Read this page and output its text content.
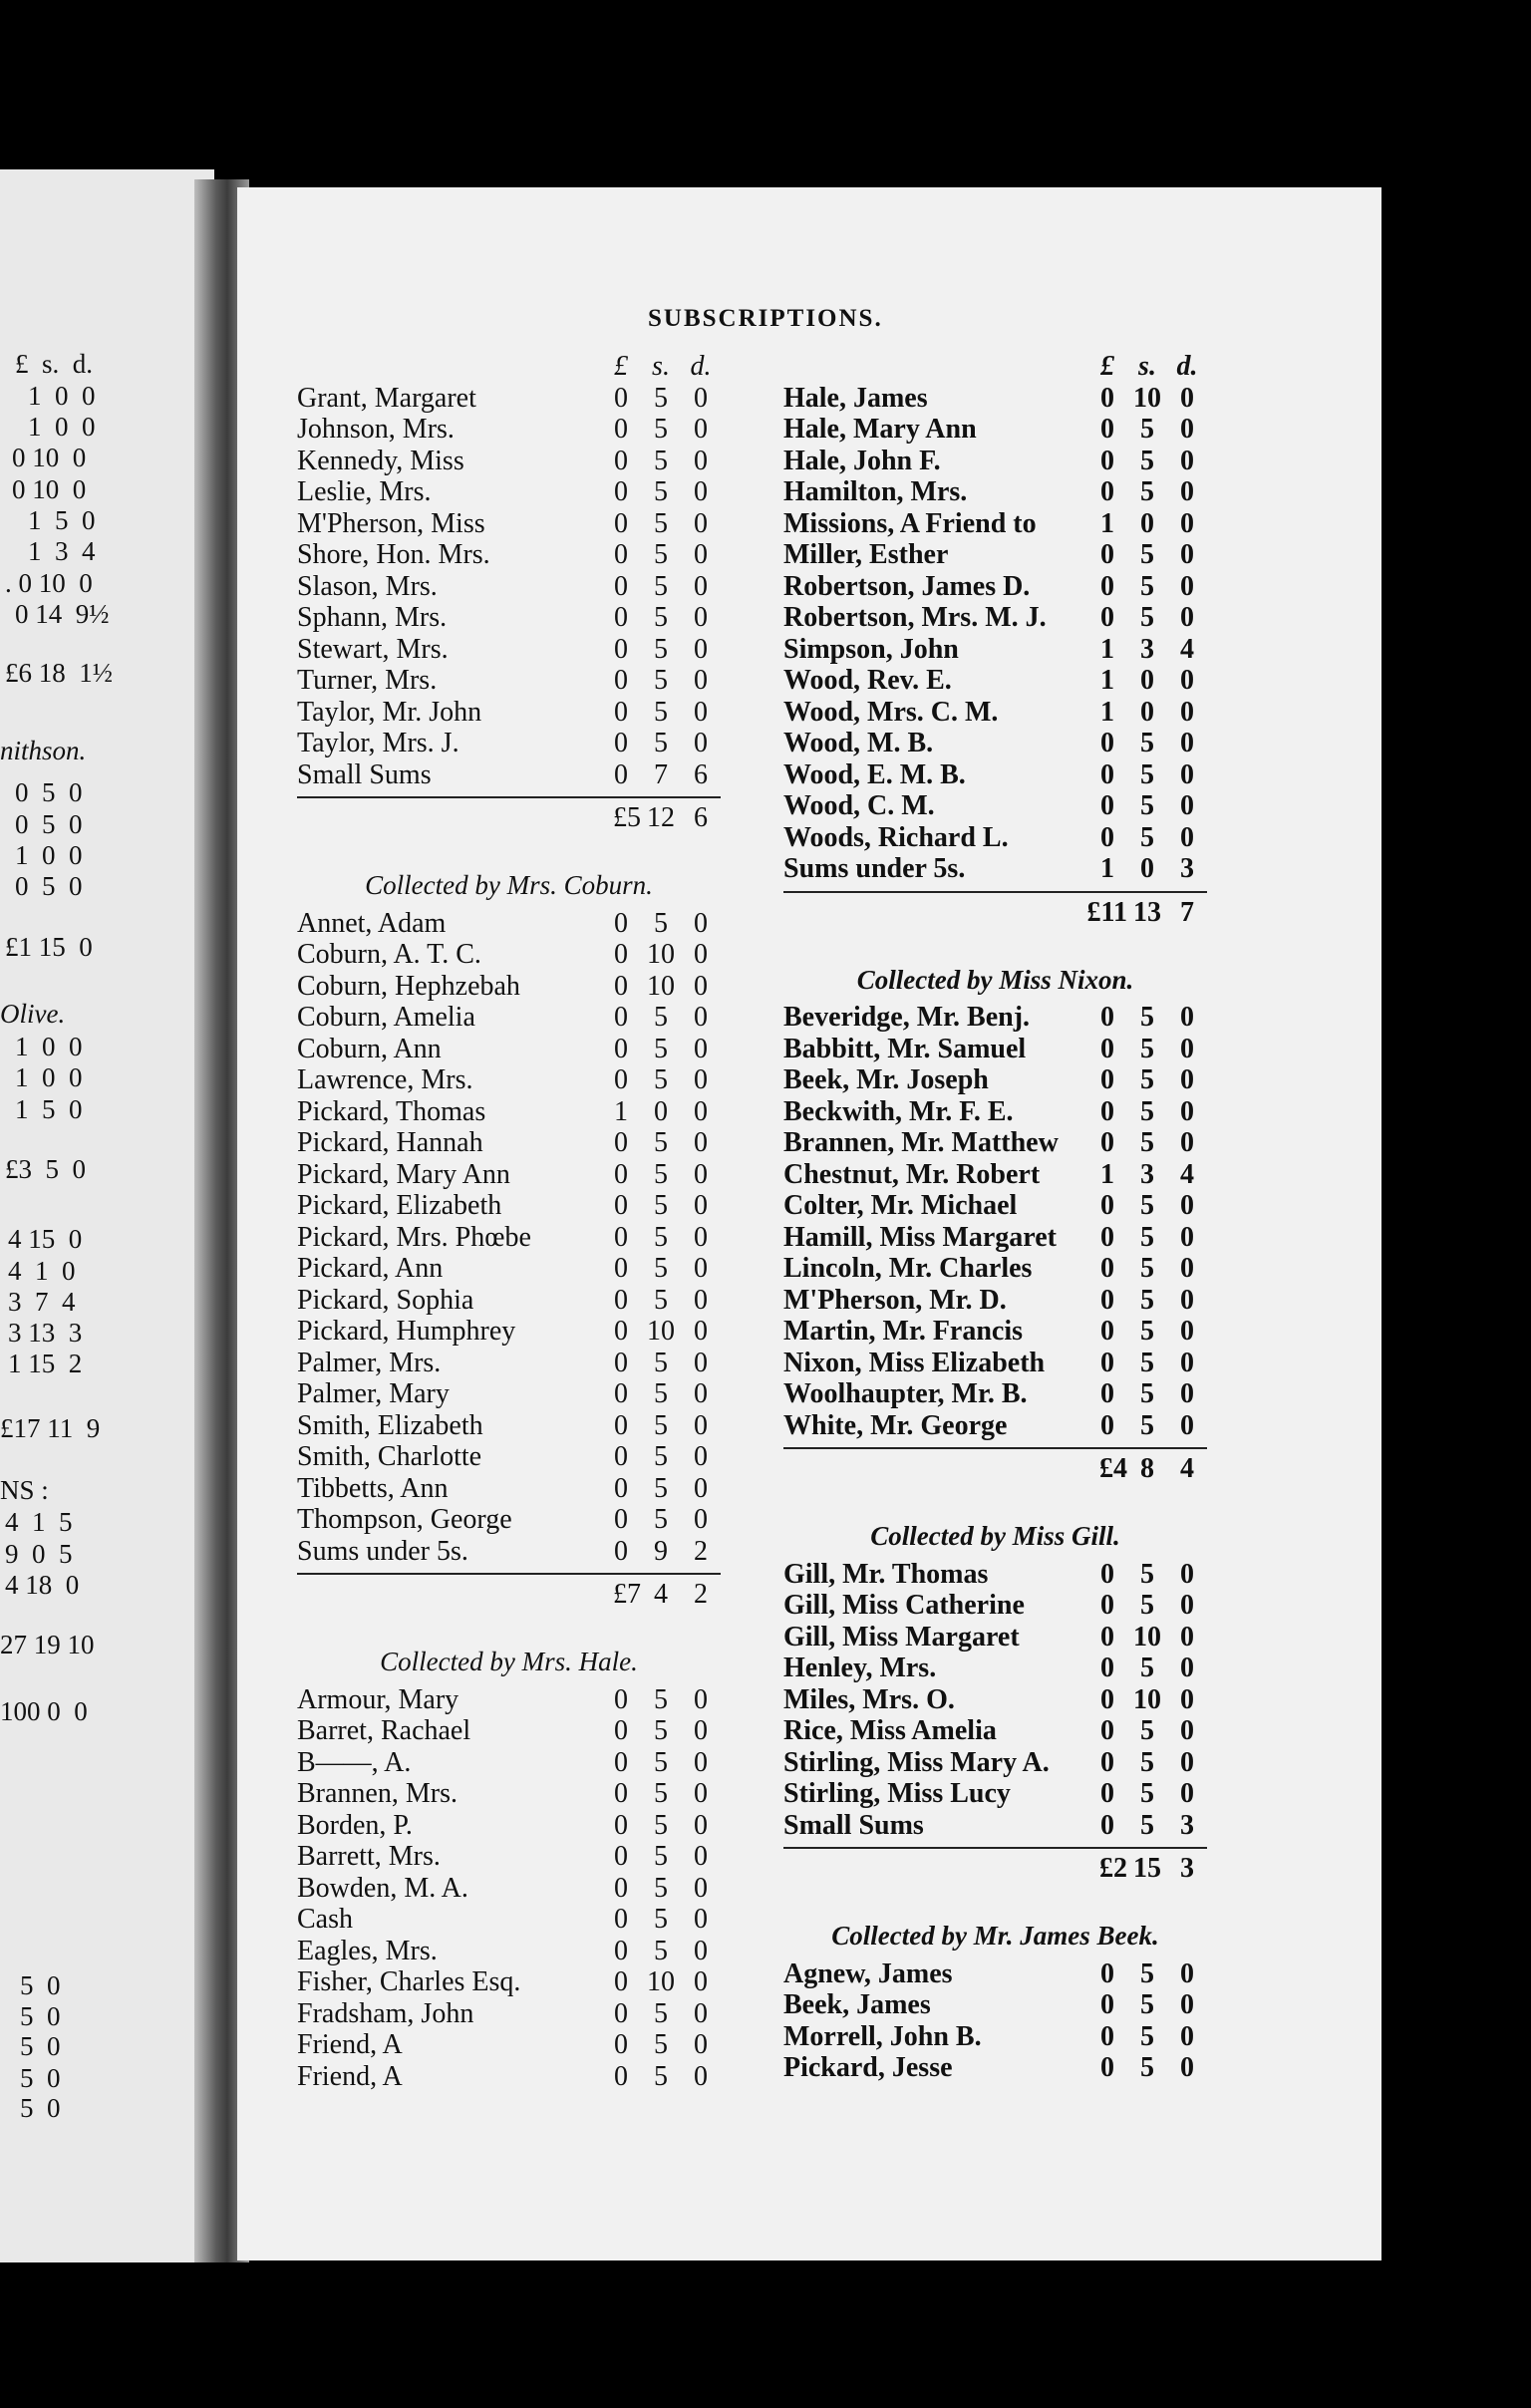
£  s.  d.
1  0  0
1  0  0
0 10  0
0 10  0
1  5  0
1  3  4
. 0 10  0
0 14  9½
£6 18  1½
nithson.
0  5  0
0  5  0
1  0  0
0  5  0
£1 15  0
Olive.
1  0  0
1  0  0
1  5  0
£3  5  0
4 15  0
4  1  0
3  7  4
3 13  3
1 15  2
£17 11  9
NS :
4  1  5
9  0  5
4 18  0
27 19 10
100 0  0
5  0
5  0
5  0
5  0
5  0
SUBSCRIPTIONS.
£ s. d.
Grant, Margaret	0 5 0
Johnson, Mrs.	0 5 0
Kennedy, Miss	0 5 0
Leslie, Mrs.	0 5 0
M'Pherson, Miss	0 5 0
Shore, Hon. Mrs.	0 5 0
Slason, Mrs.	0 5 0
Sphann, Mrs.	0 5 0
Stewart, Mrs.	0 5 0
Turner, Mrs.	0 5 0
Taylor, Mr. John	0 5 0
Taylor, Mrs. J.	0 5 0
Small Sums	0 7 6
£5 12 6
Collected by Mrs. Coburn.
Annet, Adam	0 5 0
Coburn, A. T. C.	0 10 0
Coburn, Hephzebah	0 10 0
Coburn, Amelia	0 5 0
Coburn, Ann	0 5 0
Lawrence, Mrs.	0 5 0
Pickard, Thomas	1 0 0
Pickard, Hannah	0 5 0
Pickard, Mary Ann	0 5 0
Pickard, Elizabeth	0 5 0
Pickard, Mrs. Phœbe	0 5 0
Pickard, Ann	0 5 0
Pickard, Sophia	0 5 0
Pickard, Humphrey	0 10 0
Palmer, Mrs.	0 5 0
Palmer, Mary	0 5 0
Smith, Elizabeth	0 5 0
Smith, Charlotte	0 5 0
Tibbetts, Ann	0 5 0
Thompson, George	0 5 0
Sums under 5s.	0 9 2
£7 4 2
Collected by Mrs. Hale.
Armour, Mary	0 5 0
Barret, Rachael	0 5 0
B——, A.	0 5 0
Brannen, Mrs.	0 5 0
Borden, P.	0 5 0
Barrett, Mrs.	0 5 0
Bowden, M. A.	0 5 0
Cash	0 5 0
Eagles, Mrs.	0 5 0
Fisher, Charles Esq.	0 10 0
Fradsham, John	0 5 0
Friend, A	0 5 0
Friend, A	0 5 0
£ s. d.
Hale, James	0 10 0
Hale, Mary Ann	0 5 0
Hale, John F.	0 5 0
Hamilton, Mrs.	0 5 0
Missions, A Friend to	1 0 0
Miller, Esther	0 5 0
Robertson, James D.	0 5 0
Robertson, Mrs. M. J.	0 5 0
Simpson, John	1 3 4
Wood, Rev. E.	1 0 0
Wood, Mrs. C. M.	1 0 0
Wood, M. B.	0 5 0
Wood, E. M. B.	0 5 0
Wood, C. M.	0 5 0
Woods, Richard L.	0 5 0
Sums under 5s.	1 0 3
£11 13 7
Collected by Miss Nixon.
Beveridge, Mr. Benj.	0 5 0
Babbitt, Mr. Samuel	0 5 0
Beek, Mr. Joseph	0 5 0
Beckwith, Mr. F. E.	0 5 0
Brannen, Mr. Matthew	0 5 0
Chestnut, Mr. Robert	1 3 4
Colter, Mr. Michael	0 5 0
Hamill, Miss Margaret	0 5 0
Lincoln, Mr. Charles	0 5 0
M'Pherson, Mr. D.	0 5 0
Martin, Mr. Francis	0 5 0
Nixon, Miss Elizabeth	0 5 0
Woolhaupter, Mr. B.	0 5 0
White, Mr. George	0 5 0
£4 8 4
Collected by Miss Gill.
Gill, Mr. Thomas	0 5 0
Gill, Miss Catherine	0 5 0
Gill, Miss Margaret	0 10 0
Henley, Mrs.	0 5 0
Miles, Mrs. O.	0 10 0
Rice, Miss Amelia	0 5 0
Stirling, Miss Mary A.	0 5 0
Stirling, Miss Lucy	0 5 0
Small Sums	0 5 3
£2 15 3
Collected by Mr. James Beek.
Agnew, James	0 5 0
Beek, James	0 5 0
Morrell, John B.	0 5 0
Pickard, Jesse	0 5 0
